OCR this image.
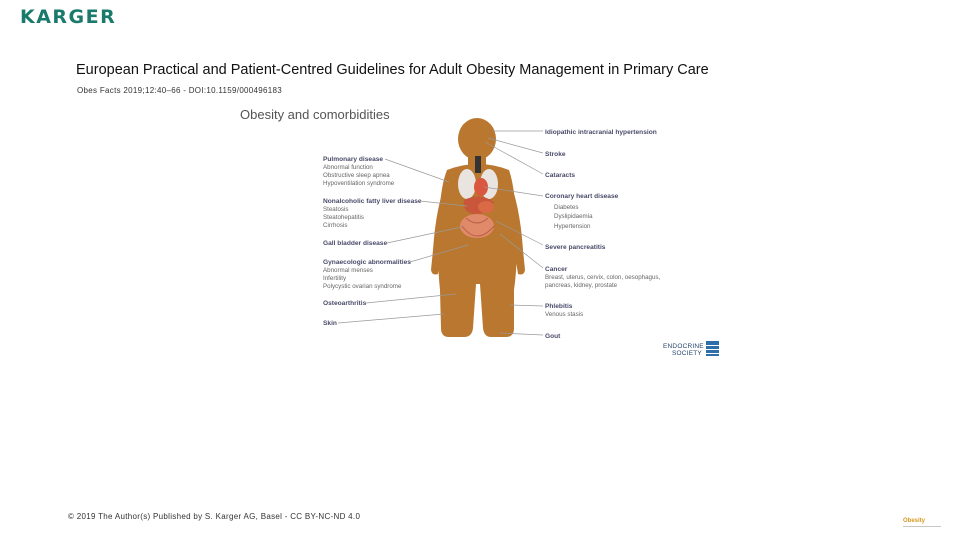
KARGER
European Practical and Patient-Centred Guidelines for Adult Obesity Management in Primary Care
Obes Facts 2019;12:40–66 - DOI:10.1159/000496183
Obesity and comorbidities
Pulmonary disease
Abnormal function
Obstructive sleep apnea
Hypoventilation syndrome
Nonalcoholic fatty liver disease
Steatosis
Steatohepatitis
Cirrhosis
Gall bladder disease
Gynaecologic abnormalities
Abnormal menses
Infertility
Polycystic ovarian syndrome
Osteoarthritis
Skin
Idiopathic intracranial hypertension
Stroke
Cataracts
Coronary heart disease
Diabetes
Dyslipidaemia
Hypertension
Severe pancreatitis
Cancer
Breast, uterus, cervix, colon, oesophagus,
pancreas, kidney, prostate
Phlebitis
Venous stasis
Gout
ENDOCRINE
SOCIETY
© 2019 The Author(s) Published by S. Karger AG, Basel - CC BY-NC-ND 4.0	Obesity
